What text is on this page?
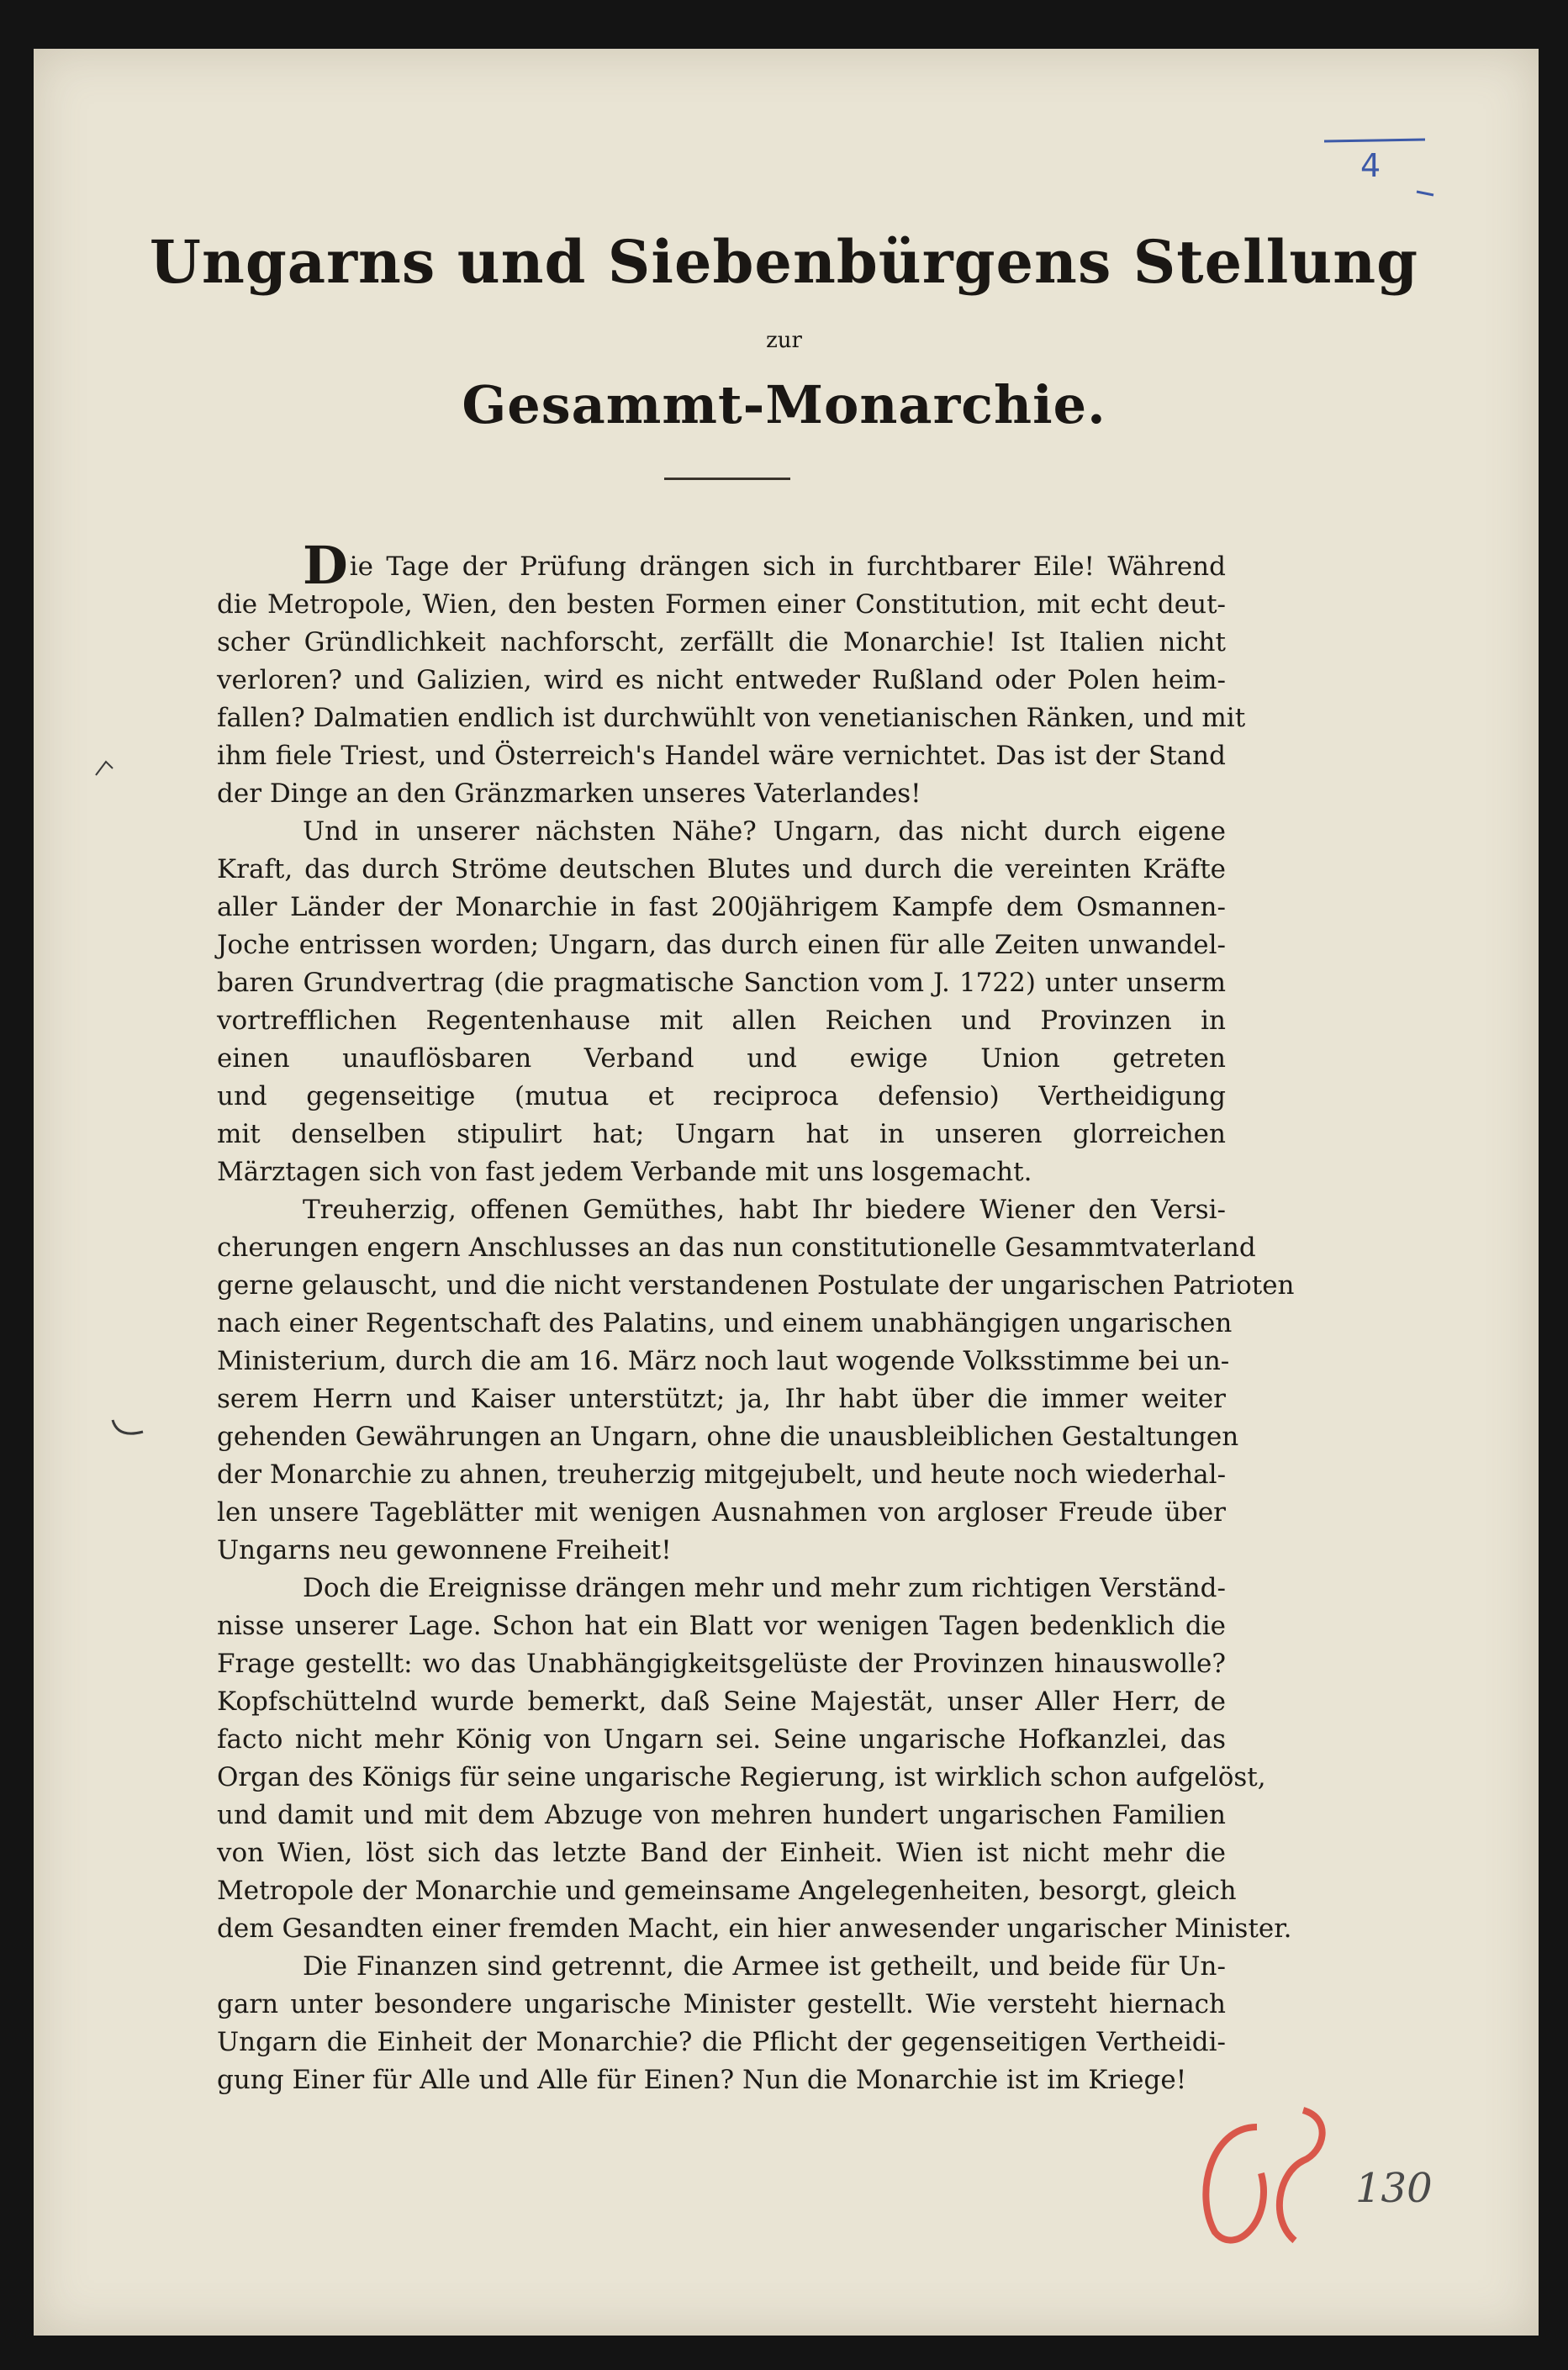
4
Ungarns und Siebenbürgens Stellung
zur
Gesammt-Monarchie.
Die Tage der Prüfung drängen sich in furchtbarer Eile! Während
die Metropole, Wien, den besten Formen einer Constitution, mit echt deut-
scher Gründlichkeit nachforscht, zerfällt die Monarchie! Ist Italien nicht
verloren? und Galizien, wird es nicht entweder Rußland oder Polen heim-
fallen? Dalmatien endlich ist durchwühlt von venetianischen Ränken, und mit
ihm fiele Triest, und Österreich's Handel wäre vernichtet. Das ist der Stand
der Dinge an den Gränzmarken unseres Vaterlandes!
Und in unserer nächsten Nähe? Ungarn, das nicht durch eigene
Kraft, das durch Ströme deutschen Blutes und durch die vereinten Kräfte
aller Länder der Monarchie in fast 200jährigem Kampfe dem Osmannen-
Joche entrissen worden; Ungarn, das durch einen für alle Zeiten unwandel-
baren Grundvertrag (die pragmatische Sanction vom J. 1722) unter unserm
vortrefflichen Regentenhause mit allen Reichen und Provinzen in
einen unauflösbaren Verband und ewige Union getreten
und gegenseitige (mutua et reciproca defensio) Vertheidigung
mit denselben stipulirt hat; Ungarn hat in unseren glorreichen
Märztagen sich von fast jedem Verbande mit uns losgemacht.
Treuherzig, offenen Gemüthes, habt Ihr biedere Wiener den Versi-
cherungen engern Anschlusses an das nun constitutionelle Gesammtvaterland
gerne gelauscht, und die nicht verstandenen Postulate der ungarischen Patrioten
nach einer Regentschaft des Palatins, und einem unabhängigen ungarischen
Ministerium, durch die am 16. März noch laut wogende Volksstimme bei un-
serem Herrn und Kaiser unterstützt; ja, Ihr habt über die immer weiter
gehenden Gewährungen an Ungarn, ohne die unausbleiblichen Gestaltungen
der Monarchie zu ahnen, treuherzig mitgejubelt, und heute noch wiederhal-
len unsere Tageblätter mit wenigen Ausnahmen von argloser Freude über
Ungarns neu gewonnene Freiheit!
Doch die Ereignisse drängen mehr und mehr zum richtigen Verständ-
nisse unserer Lage. Schon hat ein Blatt vor wenigen Tagen bedenklich die
Frage gestellt: wo das Unabhängigkeitsgelüste der Provinzen hinauswolle?
Kopfschüttelnd wurde bemerkt, daß Seine Majestät, unser Aller Herr, de
facto nicht mehr König von Ungarn sei. Seine ungarische Hofkanzlei, das
Organ des Königs für seine ungarische Regierung, ist wirklich schon aufgelöst,
und damit und mit dem Abzuge von mehren hundert ungarischen Familien
von Wien, löst sich das letzte Band der Einheit. Wien ist nicht mehr die
Metropole der Monarchie und gemeinsame Angelegenheiten, besorgt, gleich
dem Gesandten einer fremden Macht, ein hier anwesender ungarischer Minister.
Die Finanzen sind getrennt, die Armee ist getheilt, und beide für Un-
garn unter besondere ungarische Minister gestellt. Wie versteht hiernach
Ungarn die Einheit der Monarchie? die Pflicht der gegenseitigen Vertheidi-
gung Einer für Alle und Alle für Einen? Nun die Monarchie ist im Kriege!
130
